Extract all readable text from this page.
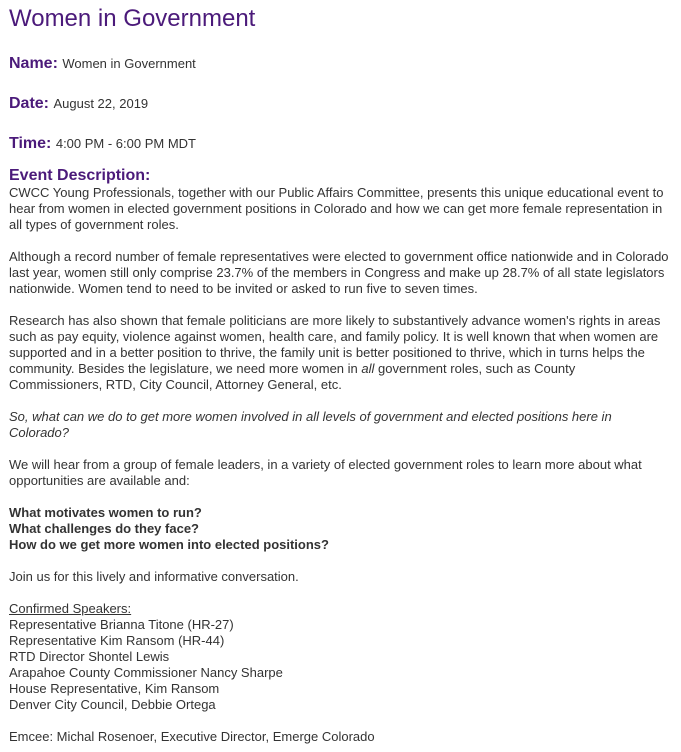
Women in Government
Name: Women in Government
Date: August 22, 2019
Time: 4:00 PM - 6:00 PM MDT
Event Description:

CWCC Young Professionals, together with our Public Affairs Committee, presents this unique educational event to hear from women in elected government positions in Colorado and how we can get more female representation in all types of government roles.

Although a record number of female representatives were elected to government office nationwide and in Colorado last year, women still only comprise 23.7% of the members in Congress and make up 28.7% of all state legislators nationwide. Women tend to need to be invited or asked to run five to seven times.

Research has also shown that female politicians are more likely to substantively advance women's rights in areas such as pay equity, violence against women, health care, and family policy. It is well known that when women are supported and in a better position to thrive, the family unit is better positioned to thrive, which in turns helps the community. Besides the legislature, we need more women in all government roles, such as County Commissioners, RTD, City Council, Attorney General, etc.

So, what can we do to get more women involved in all levels of government and elected positions here in Colorado?

We will hear from a group of female leaders, in a variety of elected government roles to learn more about what opportunities are available and:

What motivates women to run?
What challenges do they face?
How do we get more women into elected positions?

Join us for this lively and informative conversation.

Confirmed Speakers:
Representative Brianna Titone (HR-27)
Representative Kim Ransom (HR-44)
RTD Director Shontel Lewis
Arapahoe County Commissioner Nancy Sharpe
House Representative, Kim Ransom
Denver City Council, Debbie Ortega
Emcee: Michal Rosenoer, Executive Director, Emerge Colorado
